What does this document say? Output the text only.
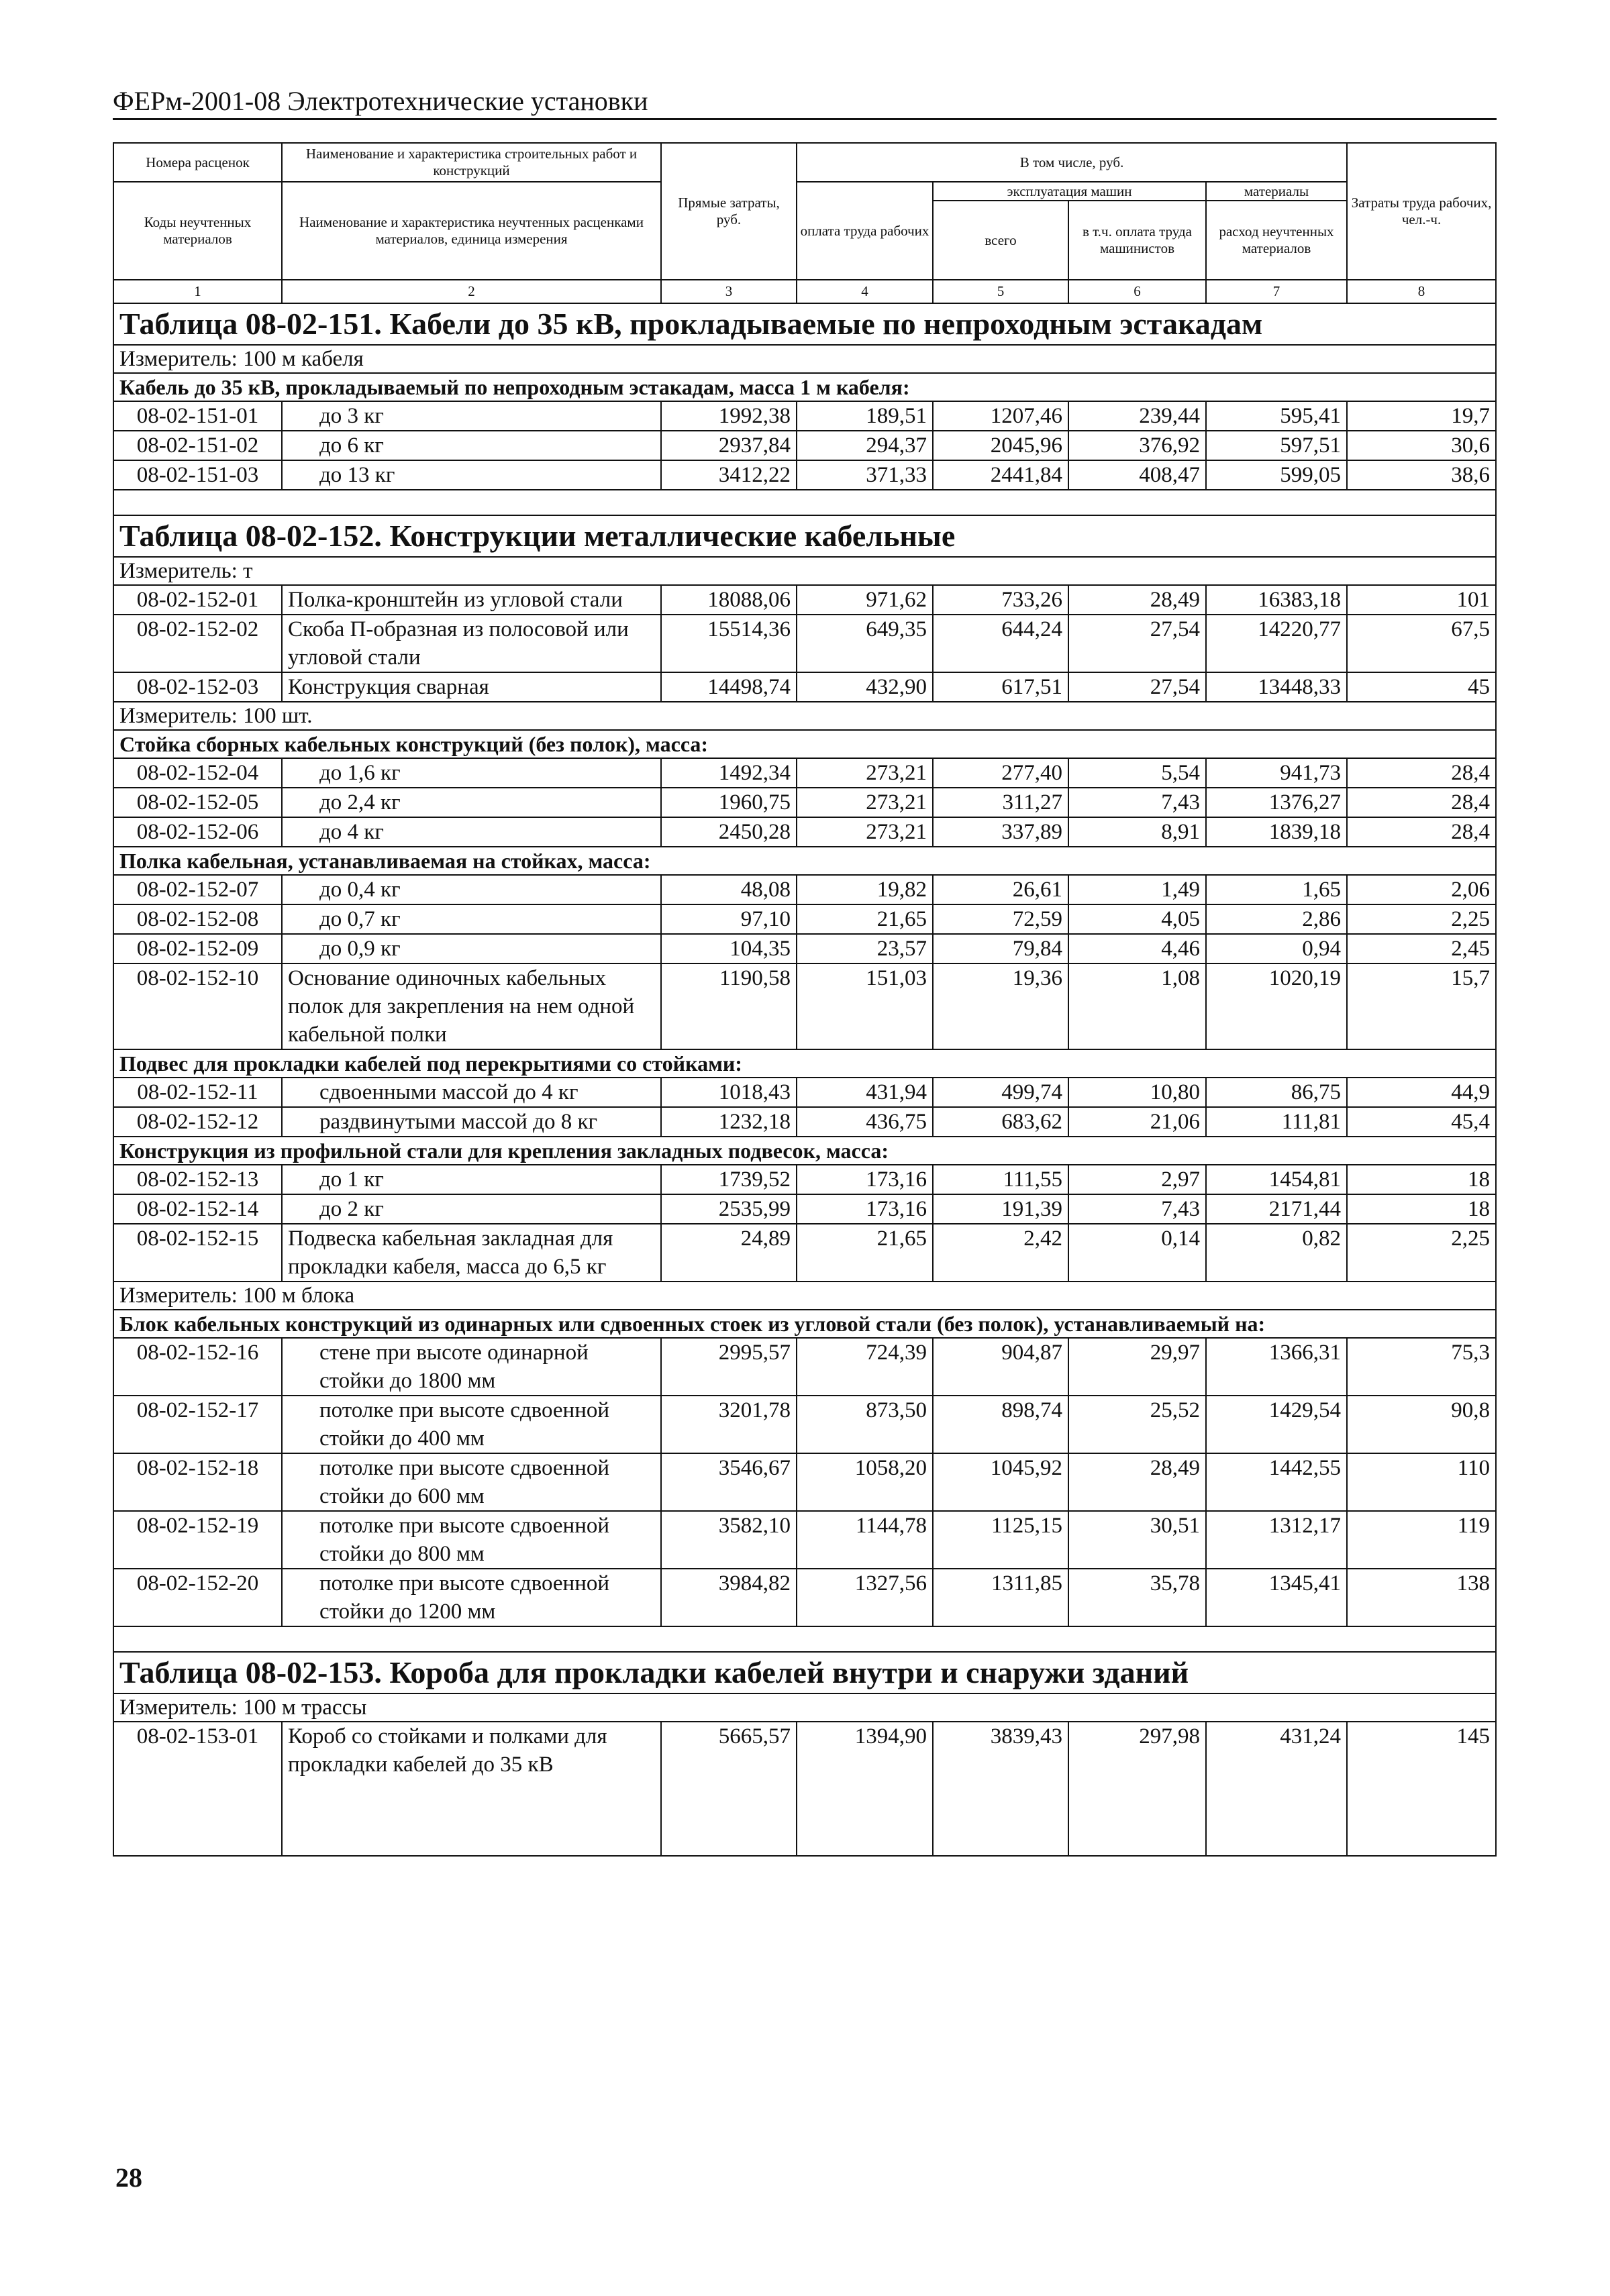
ФЕРм-2001-08 Электротехнические установки
Номера расценок	Наименование и характеристика строительных работ и конструкций	Прямые затраты, руб.	В том числе, руб.				Затраты труда рабочих, чел.-ч.
Коды неучтенных материалов	Наименование и характеристика неучтенных расценками материалов, единица измерения		оплата труда рабочих	эксплуатация машин		материалы	
				всего	в т.ч. оплата труда машинистов	расход неучтенных материалов	
1	2	3	4	5	6	7	8
Таблица 08-02-151. Кабели до 35 кВ, прокладываемые по непроходным эстакадам							
Измеритель: 100 м кабеля							
Кабель до 35 кВ, прокладываемый по непроходным эстакадам, масса 1 м кабеля:							
08-02-151-01	до 3 кг	1992,38	189,51	1207,46	239,44	595,41	19,7
08-02-151-02	до 6 кг	2937,84	294,37	2045,96	376,92	597,51	30,6
08-02-151-03	до 13 кг	3412,22	371,33	2441,84	408,47	599,05	38,6

Таблица 08-02-152. Конструкции металлические кабельные							
Измеритель: т							
08-02-152-01	Полка-кронштейн из угловой стали	18088,06	971,62	733,26	28,49	16383,18	101
08-02-152-02	Скоба П-образная из полосовой или угловой стали	15514,36	649,35	644,24	27,54	14220,77	67,5
08-02-152-03	Конструкция сварная	14498,74	432,90	617,51	27,54	13448,33	45
Измеритель: 100 шт.							
Стойка сборных кабельных конструкций (без полок), масса:							
08-02-152-04	до 1,6 кг	1492,34	273,21	277,40	5,54	941,73	28,4
08-02-152-05	до 2,4 кг	1960,75	273,21	311,27	7,43	1376,27	28,4
08-02-152-06	до 4 кг	2450,28	273,21	337,89	8,91	1839,18	28,4
Полка кабельная, устанавливаемая на стойках, масса:							
08-02-152-07	до 0,4 кг	48,08	19,82	26,61	1,49	1,65	2,06
08-02-152-08	до 0,7 кг	97,10	21,65	72,59	4,05	2,86	2,25
08-02-152-09	до 0,9 кг	104,35	23,57	79,84	4,46	0,94	2,45
08-02-152-10	Основание одиночных кабельных полок для закрепления на нем одной кабельной полки	1190,58	151,03	19,36	1,08	1020,19	15,7
Подвес для прокладки кабелей под перекрытиями со стойками:							
08-02-152-11	сдвоенными массой до 4 кг	1018,43	431,94	499,74	10,80	86,75	44,9
08-02-152-12	раздвинутыми массой до 8 кг	1232,18	436,75	683,62	21,06	111,81	45,4
Конструкция из профильной стали для крепления закладных подвесок, масса:							
08-02-152-13	до 1 кг	1739,52	173,16	111,55	2,97	1454,81	18
08-02-152-14	до 2 кг	2535,99	173,16	191,39	7,43	2171,44	18
08-02-152-15	Подвеска кабельная закладная для прокладки кабеля, масса до 6,5 кг	24,89	21,65	2,42	0,14	0,82	2,25
Измеритель: 100 м блока							
Блок кабельных конструкций из одинарных или сдвоенных стоек из угловой стали (без полок), устанавливаемый на:							
08-02-152-16	стене при высоте одинарной стойки до 1800 мм	2995,57	724,39	904,87	29,97	1366,31	75,3
08-02-152-17	потолке при высоте сдвоенной стойки до 400 мм	3201,78	873,50	898,74	25,52	1429,54	90,8
08-02-152-18	потолке при высоте сдвоенной стойки до 600 мм	3546,67	1058,20	1045,92	28,49	1442,55	110
08-02-152-19	потолке при высоте сдвоенной стойки до 800 мм	3582,10	1144,78	1125,15	30,51	1312,17	119
08-02-152-20	потолке при высоте сдвоенной стойки до 1200 мм	3984,82	1327,56	1311,85	35,78	1345,41	138

Таблица 08-02-153. Короба для прокладки кабелей внутри и снаружи зданий							
Измеритель: 100 м трассы							
08-02-153-01	Короб со стойками и полками для прокладки кабелей до 35 кВ	5665,57	1394,90	3839,43	297,98	431,24	145
28
